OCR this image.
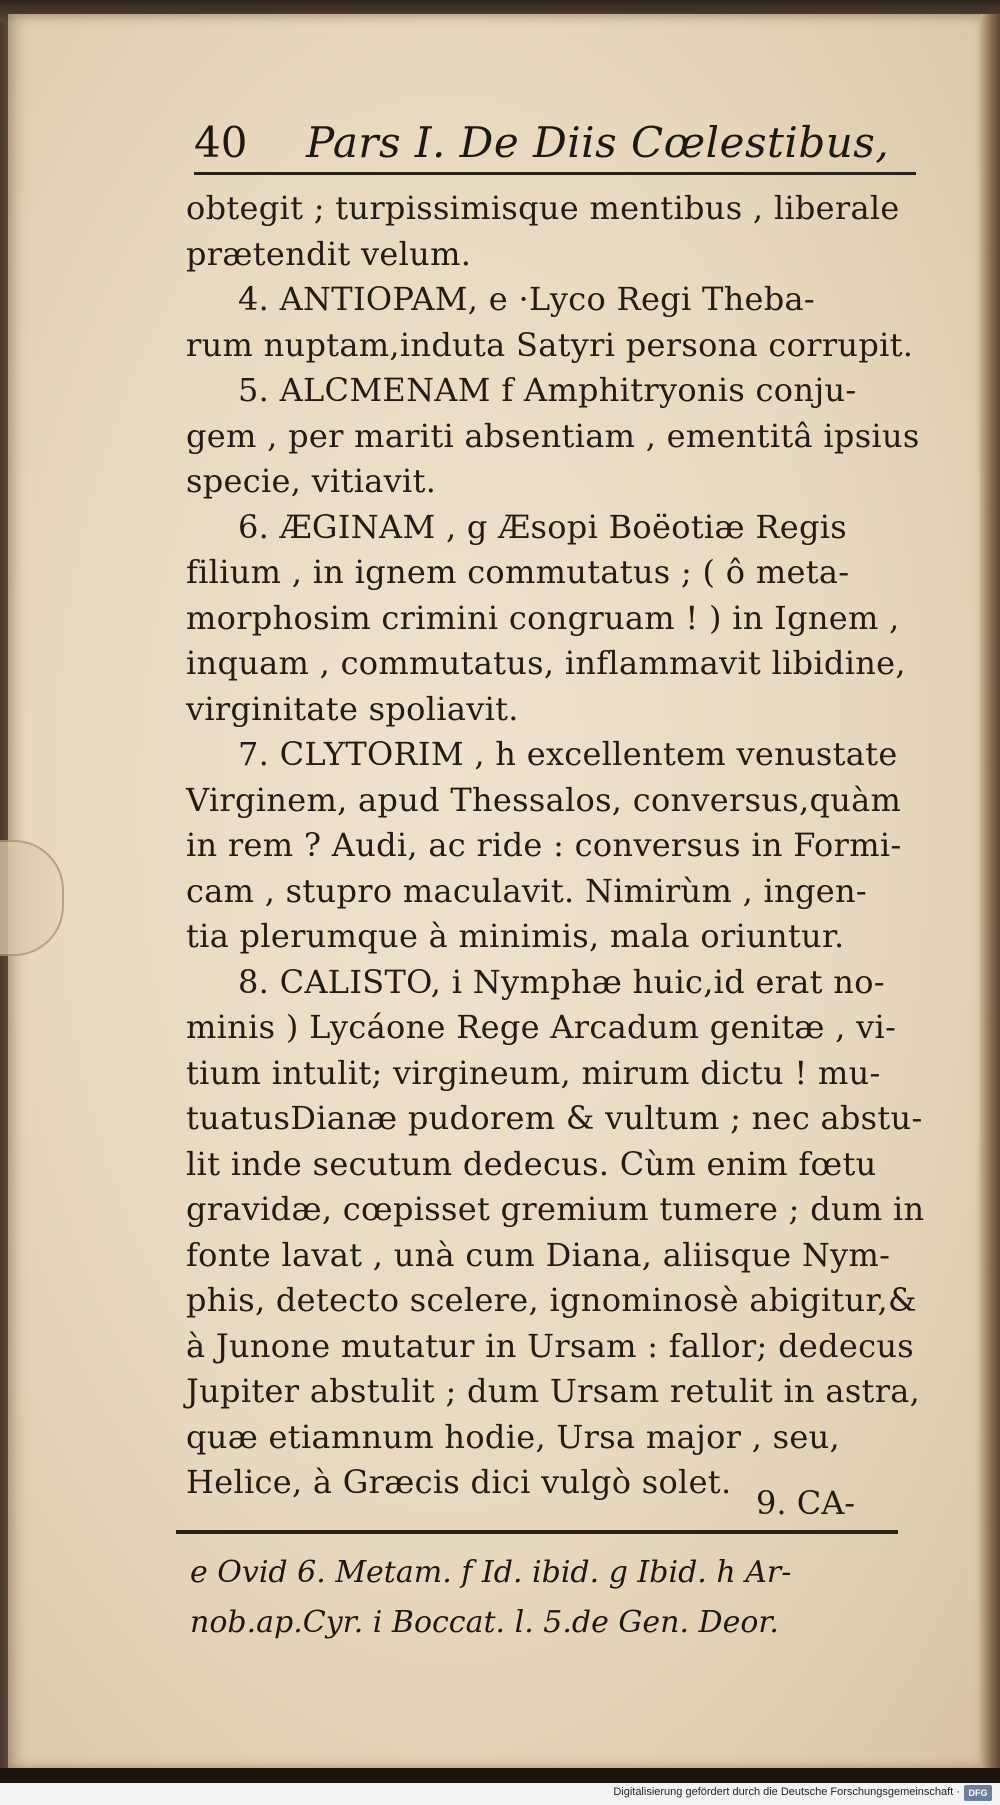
40 Pars I. De Diis Cœlestibus,
obtegit ; turpissimisque mentibus , liberale
prætendit velum.
4. ANTIOPAM, e ·Lyco Regi Theba-
rum nuptam,induta Satyri persona corrupit.
5. ALCMENAM f Amphitryonis conju-
gem , per mariti absentiam , ementitâ ipsius
specie, vitiavit.
6. ÆGINAM , g Æsopi Boëotiæ Regis
filium , in ignem commutatus ; ( ô meta-
morphosim crimini congruam ! ) in Ignem ,
inquam , commutatus, inflammavit libidine,
virginitate spoliavit.
7. CLYTORIM , h excellentem venustate
Virginem, apud Thessalos, conversus,quàm
in rem ? Audi, ac ride : conversus in Formi-
cam , stupro maculavit. Nimirùm , ingen-
tia plerumque à minimis, mala oriuntur.
8. CALISTO, i Nymphæ huic,id erat no-
minis ) Lycáone Rege Arcadum genitæ , vi-
tium intulit; virgineum, mirum dictu ! mu-
tuatusDianæ pudorem & vultum ; nec abstu-
lit inde secutum dedecus. Cùm enim fœtu
gravidæ, cœpisset gremium tumere ; dum in
fonte lavat , unà cum Diana, aliisque Nym-
phis, detecto scelere, ignominosè abigitur,&
à Junone mutatur in Ursam : fallor; dedecus
Jupiter abstulit ; dum Ursam retulit in astra,
quæ etiamnum hodie, Ursa major , seu,
Helice, à Græcis dici vulgò solet.
9. CA-
e Ovid 6. Metam. f Id. ibid. g Ibid. h Ar-
nob.ap.Cyr. i Boccat. l. 5.de Gen. Deor.
Digitalisierung gefördert durch die Deutsche Forschungsgemeinschaft · DFG
